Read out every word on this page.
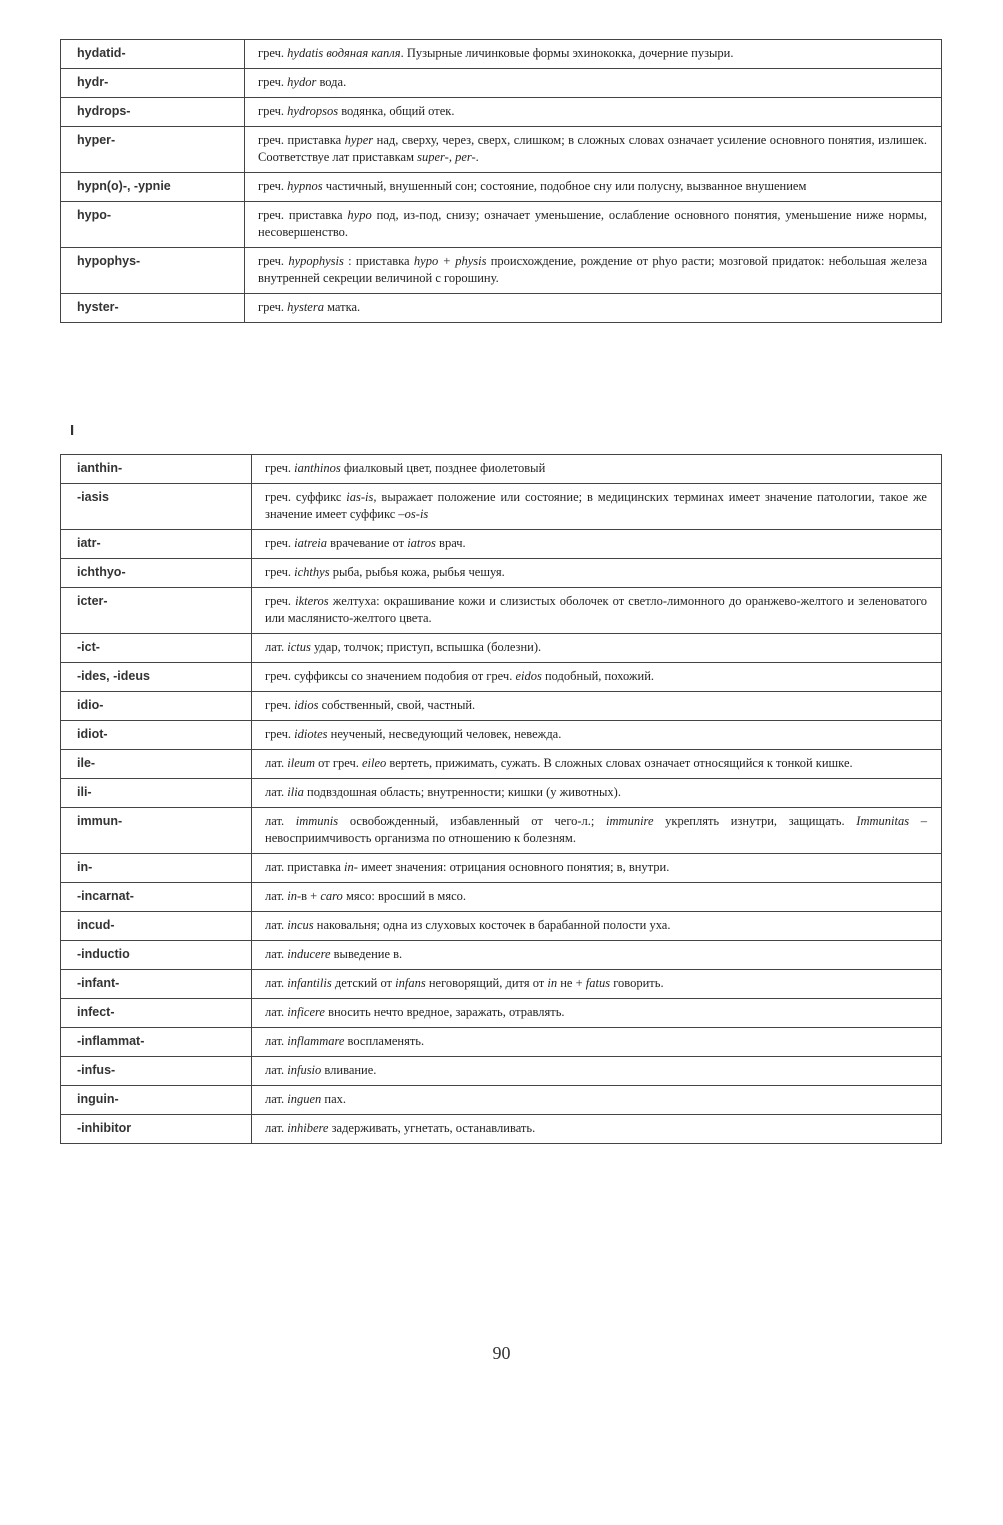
hydatid-	греч. hydatis водяная капля. Пузырные личинковые формы эхинококка, дочерние пузыри.
hydr-	греч. hydor вода.
hydrops-	греч. hydropsos водянка, общий отек.
hyper-	греч. приставка hyper над, сверху, через, сверх, слишком; в сложных словах означает усиление основного понятия, излишек. Соответствуе лат приставкам super-, per-.
hypn(o)-, -ypnie	греч. hypnos частичный, внушенный сон; состояние, подобное сну или полусну, вызванное внушением
hypo-	греч. приставка hypo под, из-под, снизу; означает уменьшение, ослабление основного понятия, уменьшение ниже нормы, несовершенство.
hypophys-	греч. hypophysis : приставка hypo + physis происхождение, рождение от phyo расти; мозговой придаток: небольшая железа внутренней секреции величиной с горошину.
hyster-	греч. hystera матка.
I
ianthin-	греч. ianthinos фиалковый цвет, позднее фиолетовый
-iasis	греч. суффикс ias-is, выражает положение или состояние; в медицинских терминах имеет значение патологии, такое же значение имеет суффикс –os-is
iatr-	греч. iatreia врачевание от iatros врач.
ichthyo-	греч. ichthys рыба, рыбья кожа, рыбья чешуя.
icter-	греч. ikteros желтуха: окрашивание кожи и слизистых оболочек от светло-лимонного до оранжево-желтого и зеленоватого или маслянисто-желтого цвета.
-ict-	лат. ictus удар, толчок; приступ, вспышка (болезни).
-ides, -ideus	греч. суффиксы со значением подобия от греч. eidos подобный, похожий.
idio-	греч. idios собственный, свой, частный.
idiot-	греч. idiotes неученый, несведующий человек, невежда.
ile-	лат. ileum от греч. eileo вертеть, прижимать, сужать. В сложных словах означает относящийся к тонкой кишке.
ili-	лат. ilia подвздошная область; внутренности; кишки (у животных).
immun-	лат. immunis освобожденный, избавленный от чего-л.; immunire укреплять изнутри, защищать. Immunitas – невосприимчивость организма по отношению к болезням.
in-	лат. приставка in- имеет значения: отрицания основного понятия; в, внутри.
-incarnat-	лат. in-в + caro мясо: вросший в мясо.
incud-	лат. incus наковальня; одна из слуховых косточек в барабанной полости уха.
-inductio	лат. inducere выведение в.
-infant-	лат. infantilis детский от infans неговорящий, дитя от in не + fatus говорить.
infect-	лат. inficere вносить нечто вредное, заражать, отравлять.
-inflammat-	лат. inflammare воспламенять.
-infus-	лат. infusio вливание.
inguin-	лат. inguen пах.
-inhibitor	лат. inhibere задерживать, угнетать, останавливать.
90
